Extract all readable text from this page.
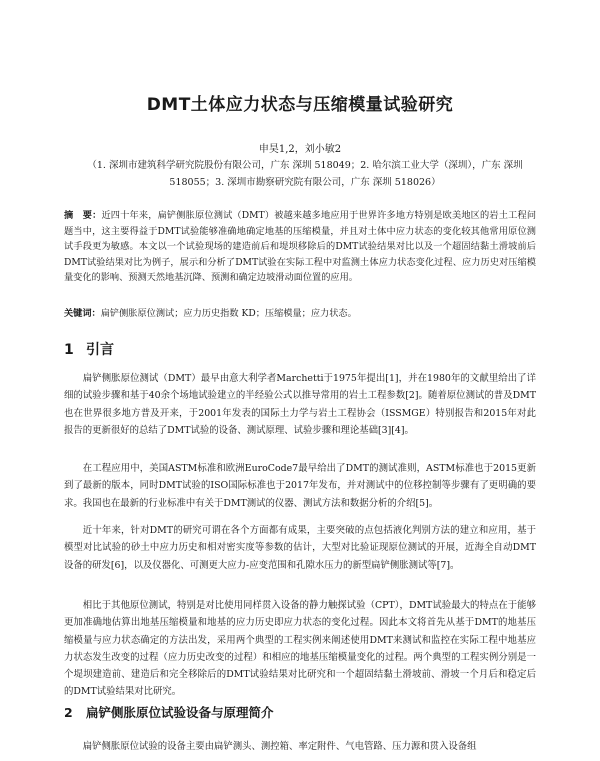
DMT土体应力状态与压缩模量试验研究
申昊1,2，刘小敏2
（1. 深圳市建筑科学研究院股份有限公司，广东 深圳 518049；2. 哈尔滨工业大学（深圳），广东 深圳 518055；3. 深圳市勘察研究院有限公司，广东 深圳 518026）
摘　要：近四十年来，扁铲侧胀原位测试（DMT）被越来越多地应用于世界许多地方特别是欧美地区的岩土工程问题当中，这主要得益于DMT试验能够准确地确定地基的压缩模量，并且对土体中应力状态的变化较其他常用原位测试手段更为敏感。本文以一个试验现场的建造前后和堤坝移除后的DMT试验结果对比以及一个超固结黏土滑坡前后DMT试验结果对比为例子，展示和分析了DMT试验在实际工程中对监测土体应力状态变化过程、应力历史对压缩模量变化的影响、预测天然地基沉降、预测和确定边坡滑动面位置的应用。
关键词：扁铲侧胀原位测试；应力历史指数 KD；压缩模量；应力状态。
1 引言
扁铲侧胀原位测试（DMT）最早由意大利学者Marchetti于1975年提出[1]，并在1980年的文献里给出了详细的试验步骤和基于40余个场地试验建立的半经验公式以推导常用的岩土工程参数[2]。随着原位测试的普及DMT也在世界很多地方普及开来，于2001年发表的国际土力学与岩土工程协会（ISSMGE）特别报告和2015年对此报告的更新很好的总结了DMT试验的设备、测试原理、试验步骤和理论基础[3][4]。
在工程应用中，美国ASTM标准和欧洲EuroCode7最早给出了DMT的测试准则，ASTM标准也于2015更新到了最新的版本，同时DMT试验的ISO国际标准也于2017年发布，并对测试中的位移控制等步骤有了更明确的要求。我国也在最新的行业标准中有关于DMT测试的仪器、测试方法和数据分析的介绍[5]。
近十年来，针对DMT的研究可谓在各个方面都有成果，主要突破的点包括液化判别方法的建立和应用，基于模型对比试验的砂土中应力历史和相对密实度等参数的估计，大型对比验证现原位测试的开展，近海全自动DMT设备的研发[6]，以及仪器化、可测更大应力-应变范围和孔隙水压力的新型扁铲侧胀测试等[7]。
相比于其他原位测试，特别是对比使用同样贯入设备的静力触探试验（CPT），DMT试验最大的特点在于能够更加准确地估算出地基压缩模量和地基的应力历史即应力状态的变化过程。因此本文将首先从基于DMT的地基压缩模量与应力状态确定的方法出发，采用两个典型的工程实例来阐述使用DMT来测试和监控在实际工程中地基应力状态发生改变的过程（应力历史改变的过程）和相应的地基压缩模量变化的过程。两个典型的工程实例分别是一个堤坝建造前、建造后和完全移除后的DMT试验结果对比研究和一个超固结黏土滑坡前、滑坡一个月后和稳定后的DMT试验结果对比研究。
2 扁铲侧胀原位试验设备与原理简介
扁铲侧胀原位试验的设备主要由扁铲测头、测控箱、率定附件、气电管路、压力源和贯入设备组
